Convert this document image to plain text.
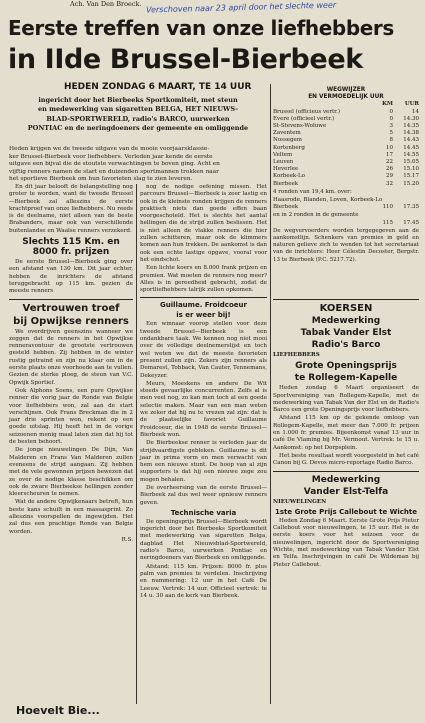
Ach. Van Den Broeck. Verschoven naar 23 april door het slechte weer
Eerste treffen van onze liefhebbers
in IIde Brussel-Bierbeek
HEDEN ZONDAG 6 MAART, TE 14 UUR

ingericht door het Bierbeeks Sportkomiteit, met steun

en medewerking van sigaretten BELGA, HET NIEUWS-

BLAD-SPORTWERELD, radio's BARCO, uurwerken

PONTIAC en de neringdoeners der gemeente en omliggende

Heden krijgen we de tweede uitgave van de mooie voorjaarsklassie-

ker Brussel-Bierbeek voor liefhebbers. Verleden jaar kende de eerste

uitgave een bijval die de stoutste verwachtingen te boven ging. Acht en

vijftig renners namen de start en duizenden sportmannen trokken naar

het sportieve Bierbeek om hun favorieten slag te zien leveren.

En dit jaar belooft de belangstelling nog groter te worden, want de tweede Brussel—Bierbeek zal alleszins de eerste krachtproef van onze liefhebbers. Nu reeds is de deelname, niet alleen van de beste Brabanders, maar ook van verschillende buitenlandse en Waalse renners verzekerd.

Slechts 115 Km. en 8000 fr. prijzen

De eerste Brussel—Bierbeek ging over een afstand van 130 km. Dit jaar echter, hebben de inrichters de afstand teruggebracht op 115 km. gezien de meeste renners

Vertrouwen troef
bij Opwijkse renners

We overdrijven geenszins wanneer we zeggen dat de renners in het Opwijkse renneravontuur de grootste vertrouwen gesteld hebben. Zij hebben in de winter rustig getraind en zijn nu klaar om in de eerste plaats onze voorhoede aan te vullen. Gezien de sterke ploeg, de steun van V.C. Opwijk Sportief.

Ook Alphons Soens, een pure Opwijkse renner die vorig jaar de Ronde van Belgie voor liefhebbers won, zal aan de start verschijnen. Ook Frans Breckman die in 2 jaar drie sprinten won, rekent op een goede uitslag. Hij heeft het in de vorige seizoenen menig maal laten zien dat hij tot de besten behoort.

De jonge nieuwelingen De Dijn, Van Malderen en Frans Van Malderen zullen eveneens de strijd aangaan. Zij hebben met de vele gewonnen prijzen bewezen dat ze over de nodige klasse beschikken om ook de zware Bierbeekse hellingen zonder kleerscheuren te nemen.

Wat de andere Opwijkenaars betreft, hun beste kans schuilt in een massasprint. Zo alleszins voorspellen de ingewijden. Het zal dus een prachtige Ronde van Belgie worden.

R.S.

nog de nodige oefening missen. Het parcours Brussel—Bierbeek is zeer lastig en ook in de kleinste ronden krijgen de renners praktisch niets dan goede effen baan voorgeschoteld. Het is slechts het aantal hellingen die de strijd zullen beslissen. Het is niet alleen de vlakke renners die hier zullen schitteren, maar ook de klimmers komen aan hun trekken. De aankomst is dan ook een echte lastige opgave, vooral voor het eindschot.

Een lichte koers en 8.000 frank prijzen en premien. Wat moeten de renners nog meer? Alles is in gereedheid gebracht, zodat de sportliefhebbers talrijk zullen opkomen.

Guillaume. Froidcoeur
is er weer bij!

Een winnaar voorop stellen voor deze tweede Brussel—Bierbeek is een ondankbare taak. We kennen nog niet mooi over de volledige deelnemerslijst en toch wel weten we dat de meeste favorieten present zullen zijn. Zekers zijn renners als Demarest, Tobback, Van Cauter, Tennemans, Dekeyzer.

Meurs, Moeskens en andere De Wit steeds gevaarlijke concurrenten. Zelfs al is men veel nog, zo kan men toch al een goede selectie maken. Maar van een man weten we zeker dat hij nu te vrezen zal zijn: dat is de plaatselijke favoriet Guillaume Froidcoeur, die in 1948 de eerste Brussel—Bierbeek won.

De Bierbeekse renner is verleden jaar de strijdvaardigste gebleken. Guillaume is dit jaar in prima vorm en men verwacht van hem een nieuwe stunt. De hoop van al zijn supporters is dat hij een nieuwe zege zou mogen behalen.

De overheersing van de eerste Brussel—Bierbeek zal dus wel weer opnieuw renners geven.

Technische varia

De openingsprijs Brussel—Bierbeek wordt ingericht door het Bierbeeks Sportkomiteit met medewerking van sigaretten Belga, dagblad Het Nieuwsblad-Sportwereld, radio's Barco, uurwerken Pontiac en neringdoeners van Bierbeek en omliggende.

Afstand: 115 km. Prijzen: 8000 fr. plus palm van premies te verdelen. Inschrijving en nummering: 12 uur in het Café De Leeuw. Vertrek: 14 uur. Officieel vertrek: te 14 u. 30 aan de kerk van Bierbeek.

WEGWIJZER
EN VERMOEDELIJK UUR
KM	UUR
Brussel (officieus vertr.)	0	14
Evere (officieel vertr.)	0	14.30
St-Stevens-Woluwe	3	14.35
Zaventem	5	14.38
Nossegem	8	14.43
Kortenberg	10	14.45
Veltem	17	14.55
Leuven	22	15.05
Heverlee	26	15.10
Korbeek-Lo	29	15.17
Bierbeek	32	15.20
4 ronden van 19,4 km. over:
Haasrode, Blanden, Loven, Korbeek-Lo
Bierbeek	110	17.35
en in 2 ronden in de gemeente
115	17.45
De wegvervoerders worden tergegegeven aan de aankomstlijn. Schenkers van premies in geld en naturen gelieve zich te wenden tot het secretariaat van de inrichters: Heer Célestin Decoster, Bergstr. 13 te Bierbeek (P.C. 5217.72).
KOERSEN
Medewerking
Tabak Vander Elst
Radio's Barco
LIEFHEBBERS
Grote Openingsprijs
te Rollegem-Kapelle

Heden zondag 6 Maart organiseert de Sportvereniging van Rollegem-Kapelle, met de medewerking van Tabak Van der Elst en de Radio's Barco een grote Openingsprijs voor liefhebbers.

Afstand 115 km op de gekende omloop van Rollegem-Kapelle, met meer dan 7.000 fr. prijzen en 1.000 fr. premies. Bijeenkomst vanaf 13 uur in café De Vlaming bij Mr. Vermout. Vertrek: te 15 u. Aankomst: op het Dorpsplein.

Het beste resultaat wordt voorgesteld in het café Canon bij G. Devos micro-reportage Radio Barco.

Medewerking
Vander Elst-Telfa
NIEUWELINGEN
1ste Grote Prijs Callebout te Wichte

Heden Zondag 6 Maart. Eerste Grote Prijs Pieter Callebout voor nieuwelingen, te 15 uur. Het is de eerste koers voor het seizoen voor de nieuwelingen, ingericht door de Sportvereniging Wichte, met medewerking van Tabak Vander Elst en Telfa. Inschrijvingen in café De Wildeman bij Pieter Callebout.

Hoevelt Bie...
